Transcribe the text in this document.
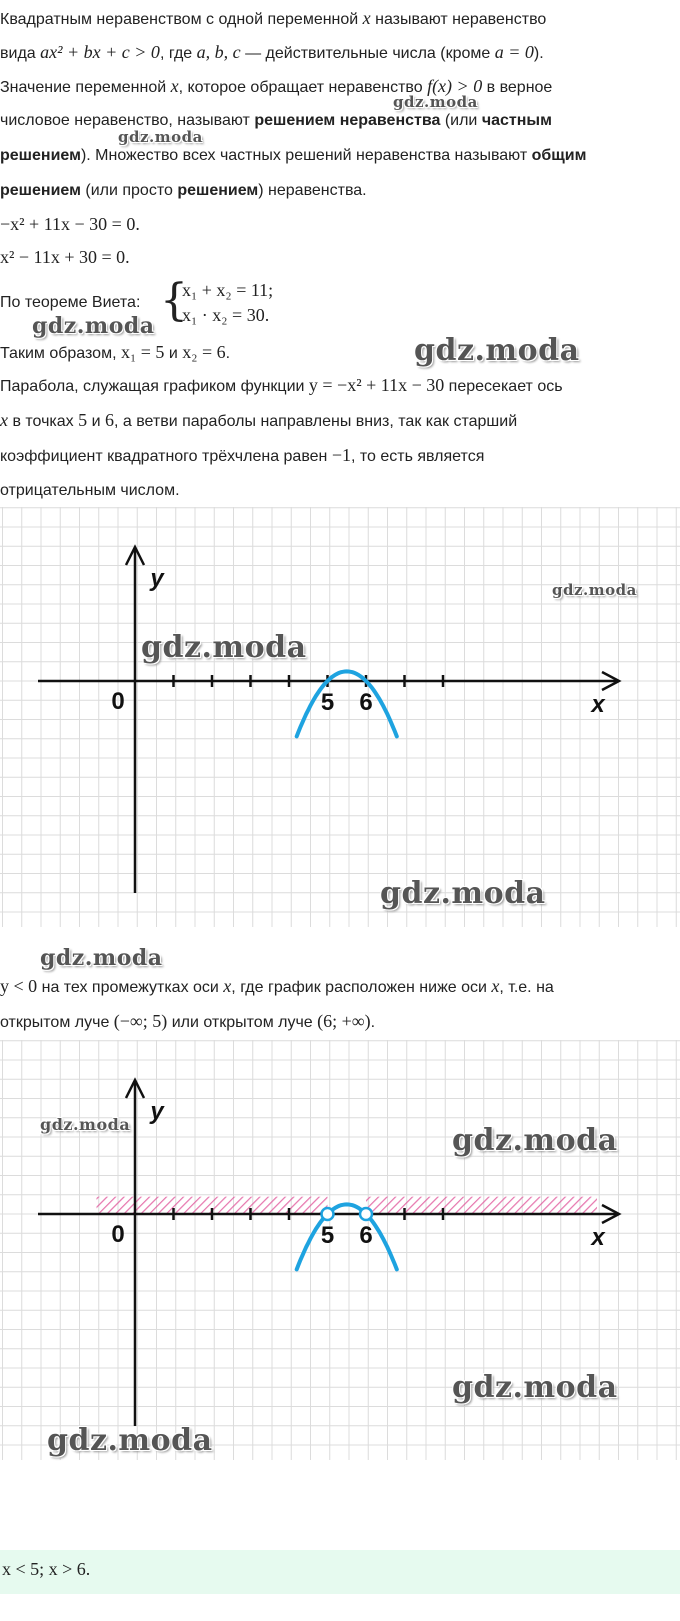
Квадратным неравенством с одной переменной x называют неравенство
вида ax² + bx + c > 0, где a, b, c — действительные числа (кроме a = 0).
Значение переменной x, которое обращает неравенство f(x) > 0 в верное
числовое неравенство, называют решением неравенства (или частным
решением). Множество всех частных решений неравенства называют общим
решением (или просто решением) неравенства.
−x² + 11x − 30 = 0.
x² − 11x + 30 = 0.
По теореме Виета: {
x₁ + x₂ = 11;
x₁ · x₂ = 30.
Таким образом, x₁ = 5 и x₂ = 6.
Парабола, служащая графиком функции y = −x² + 11x − 30 пересекает ось
x в точках 5 и 6, а ветви параболы направлены вниз, так как старший
коэффициент квадратного трёхчлена равен −1, то есть является
отрицательным числом.
y
x
0	5 6
y < 0 на тех промежутках оси x, где график расположен ниже оси x, т.е. на
открытом луче (−∞; 5) или открытом луче (6; +∞).
y
x
0	5 6
x < 5; x > 6.
gdz.moda
gdz.moda
gdz.moda
gdz.moda
gdz.moda
gdz.moda
gdz.moda
gdz.moda
gdz.moda	gdz.moda
gdz.moda
gdz.moda
